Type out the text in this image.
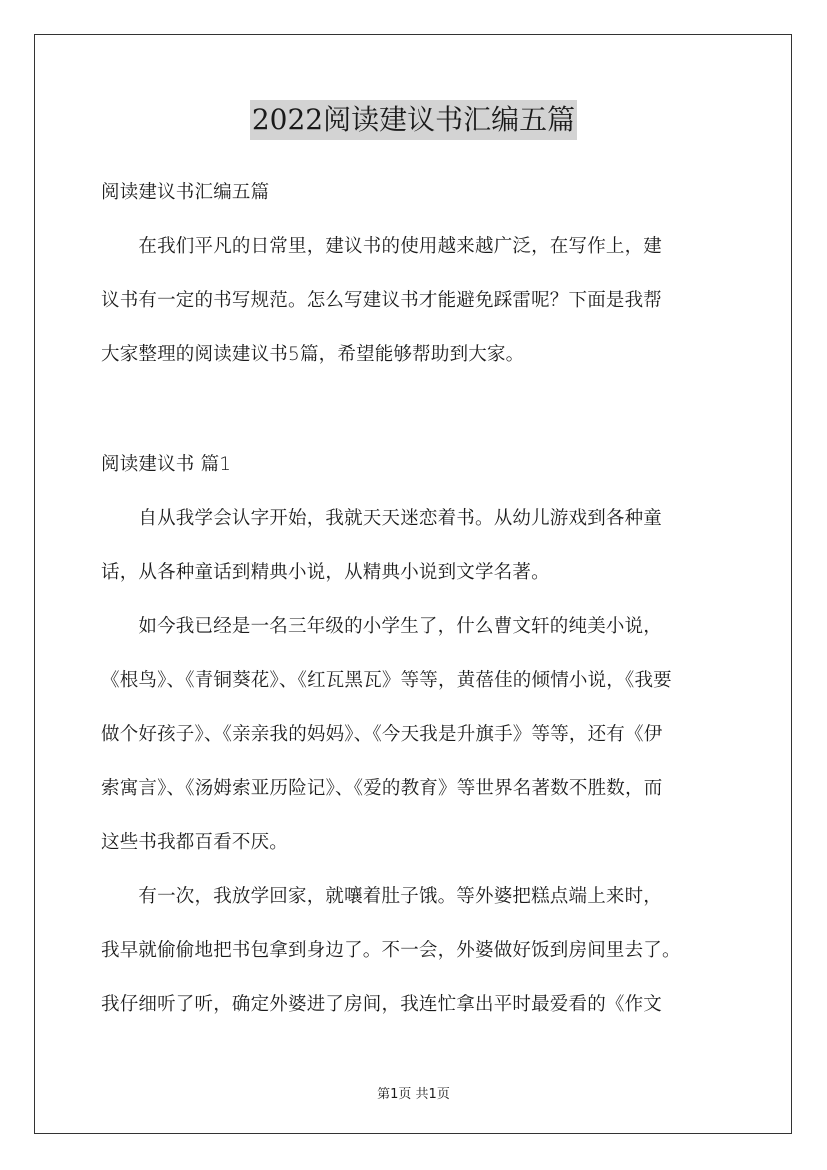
2022阅读建议书汇编五篇
阅读建议书汇编五篇
　　在我们平凡的日常里，建议书的使用越来越广泛，在写作上，建
议书有一定的书写规范。怎么写建议书才能避免踩雷呢？下面是我帮
大家整理的阅读建议书5篇，希望能够帮助到大家。
阅读建议书 篇1
　　自从我学会认字开始，我就天天迷恋着书。从幼儿游戏到各种童
话，从各种童话到精典小说，从精典小说到文学名著。
　　如今我已经是一名三年级的小学生了，什么曹文轩的纯美小说，
《根鸟》、《青铜葵花》、《红瓦黑瓦》等等，黄蓓佳的倾情小说，《我要
做个好孩子》、《亲亲我的妈妈》、《今天我是升旗手》等等，还有《伊
索寓言》、《汤姆索亚历险记》、《爱的教育》等世界名著数不胜数，而
这些书我都百看不厌。
　　有一次，我放学回家，就嚷着肚子饿。等外婆把糕点端上来时，
我早就偷偷地把书包拿到身边了。不一会，外婆做好饭到房间里去了。
我仔细听了听，确定外婆进了房间，我连忙拿出平时最爱看的《作文
第1页 共1页
